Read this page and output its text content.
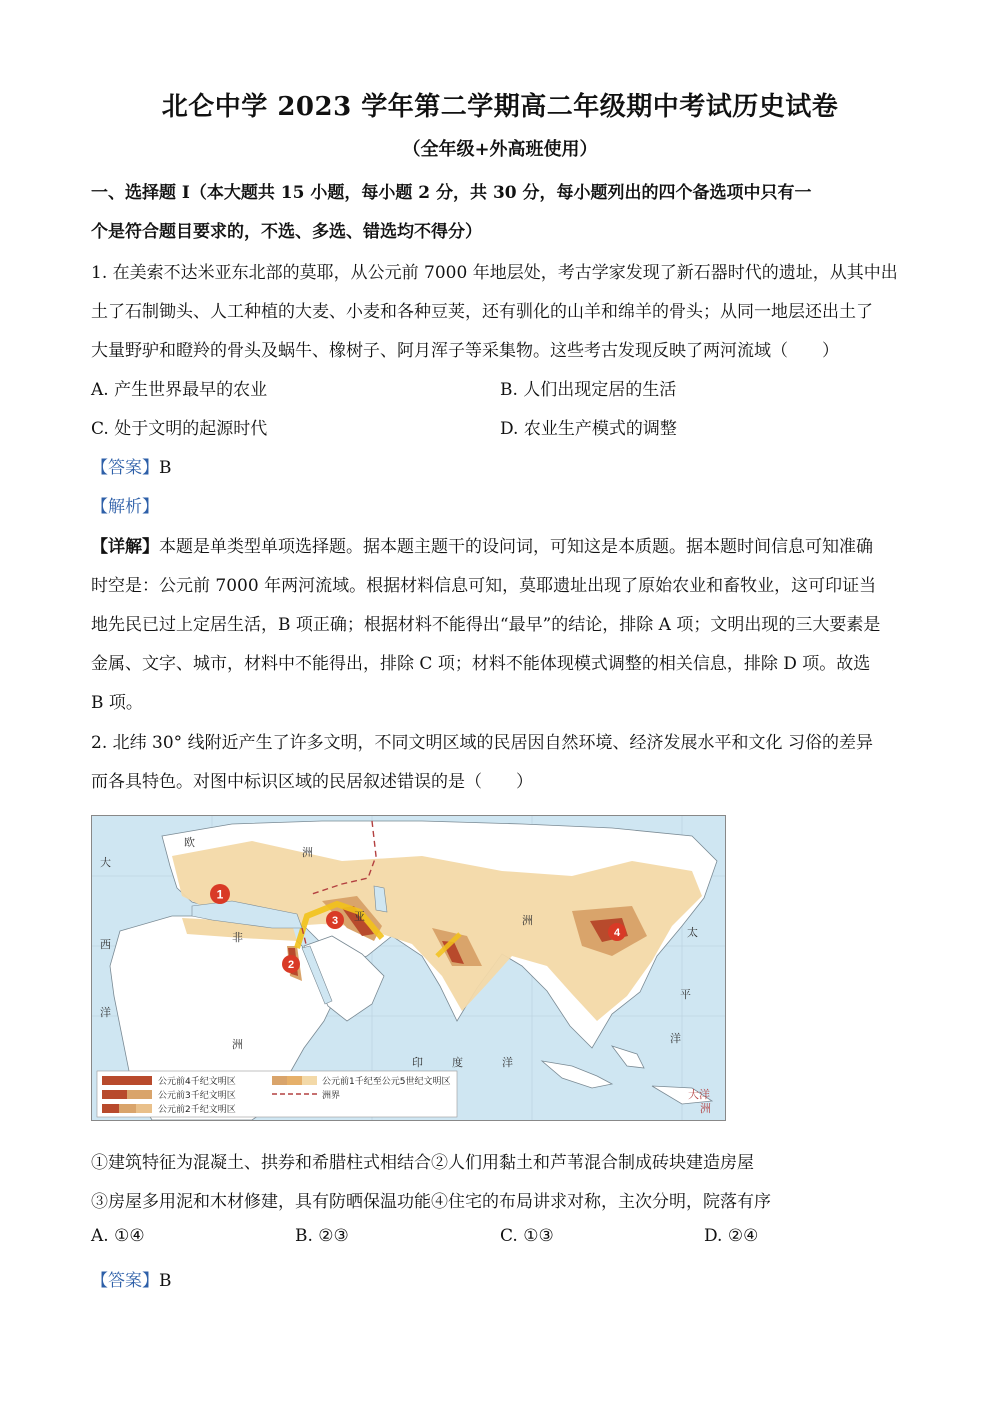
北仑中学 2023 学年第二学期高二年级期中考试历史试卷
（全年级+外高班使用）
一、选择题 I（本大题共 15 小题，每小题 2 分，共 30 分，每小题列出的四个备选项中只有一
个是符合题目要求的，不选、多选、错选均不得分）
1. 在美索不达米亚东北部的莫耶，从公元前 7000 年地层处，考古学家发现了新石器时代的遗址，从其中出
土了石制锄头、人工种植的大麦、小麦和各种豆荚，还有驯化的山羊和绵羊的骨头；从同一地层还出土了
大量野驴和瞪羚的骨头及蜗牛、橡树子、阿月浑子等采集物。这些考古发现反映了两河流域（　　）
A. 产生世界最早的农业	B. 人们出现定居的生活
C. 处于文明的起源时代	D. 农业生产模式的调整
【答案】B
【解析】
【详解】本题是单类型单项选择题。据本题主题干的设问词，可知这是本质题。据本题时间信息可知准确
时空是：公元前 7000 年两河流域。根据材料信息可知，莫耶遗址出现了原始农业和畜牧业，这可印证当
地先民已过上定居生活，B 项正确；根据材料不能得出“最早”的结论，排除 A 项；文明出现的三大要素是
金属、文字、城市，材料中不能得出，排除 C 项；材料不能体现模式调整的相关信息，排除 D 项。故选
B 项。
2. 北纬 30° 线附近产生了许多文明，不同文明区域的民居因自然环境、经济发展水平和文化 习俗的差异
而各具特色。对图中标识区域的民居叙述错误的是（　　）
1
2
3
4
大
西
洋
欧
洲
亚	洲
非
洲
印	度	洋
太
平
洋
大洋
洲
公元前4千纪文明区
公元前3千纪文明区
公元前2千纪文明区
公元前1千纪至公元5世纪文明区
洲界
①建筑特征为混凝土、拱券和希腊柱式相结合②人们用黏土和芦苇混合制成砖块建造房屋
③房屋多用泥和木材修建，具有防晒保温功能④住宅的布局讲求对称，主次分明，院落有序
A. ①④	B. ②③	C. ①③	D. ②④
【答案】B
